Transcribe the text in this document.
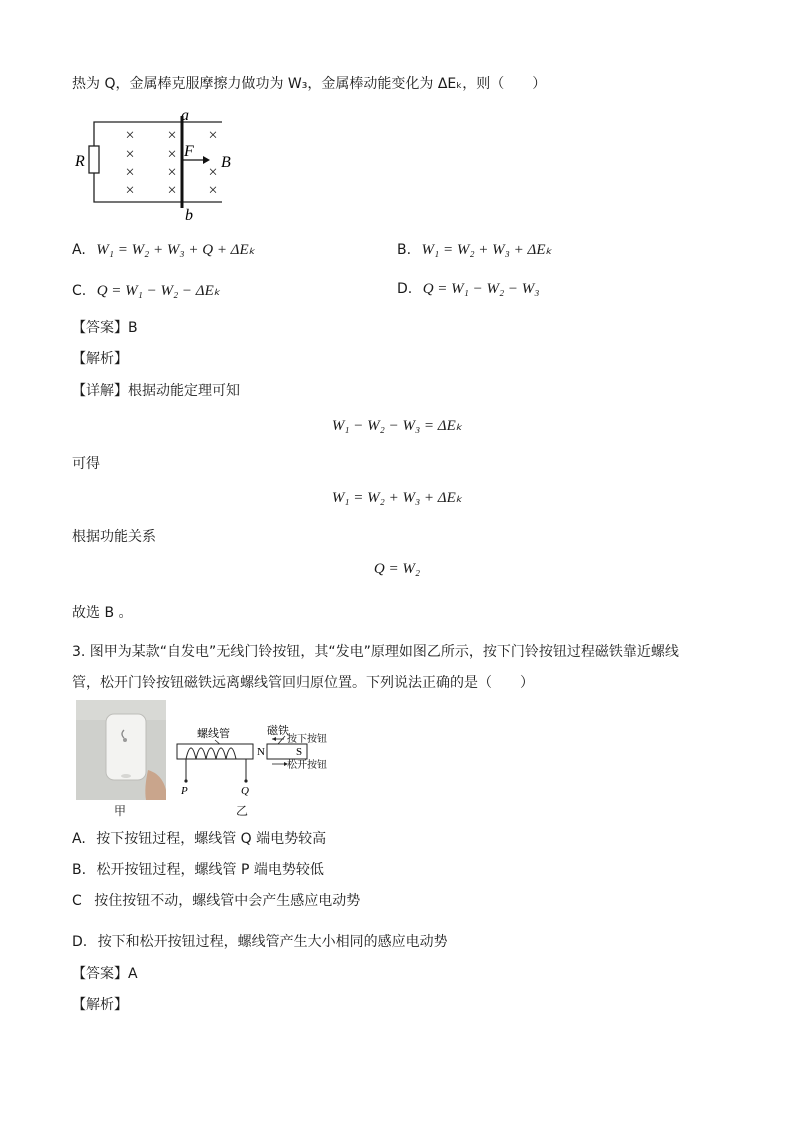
热为 Q，金属棒克服摩擦力做功为 W₃，金属棒动能变化为 ΔEₖ，则（　　）
a
b
R
×
×
×
×
×
×
×
×
×
×
×
F
B
A. W₁ = W₂ + W₃ + Q + ΔEₖ	B. W₁ = W₂ + W₃ + ΔEₖ
C. Q = W₁ − W₂ − ΔEₖ	D. Q = W₁ − W₂ − W₃
【答案】B
【解析】
【详解】根据动能定理可知
W₁ − W₂ − W₃ = ΔEₖ
可得
W₁ = W₂ + W₃ + ΔEₖ
根据功能关系
Q = W₂
故选 B 。
3. 图甲为某款“自发电”无线门铃按钮，其“发电”原理如图乙所示，按下门铃按钮过程磁铁靠近螺线
管，松开门铃按钮磁铁远离螺线管回归原位置。下列说法正确的是（　　）
甲
螺线管
P	Q
N	S
磁铁
按下按钮
松开按钮
乙
A. 按下按钮过程，螺线管 Q 端电势较高
B. 松开按钮过程，螺线管 P 端电势较低
C 按住按钮不动，螺线管中会产生感应电动势
D. 按下和松开按钮过程，螺线管产生大小相同的感应电动势
【答案】A
【解析】
